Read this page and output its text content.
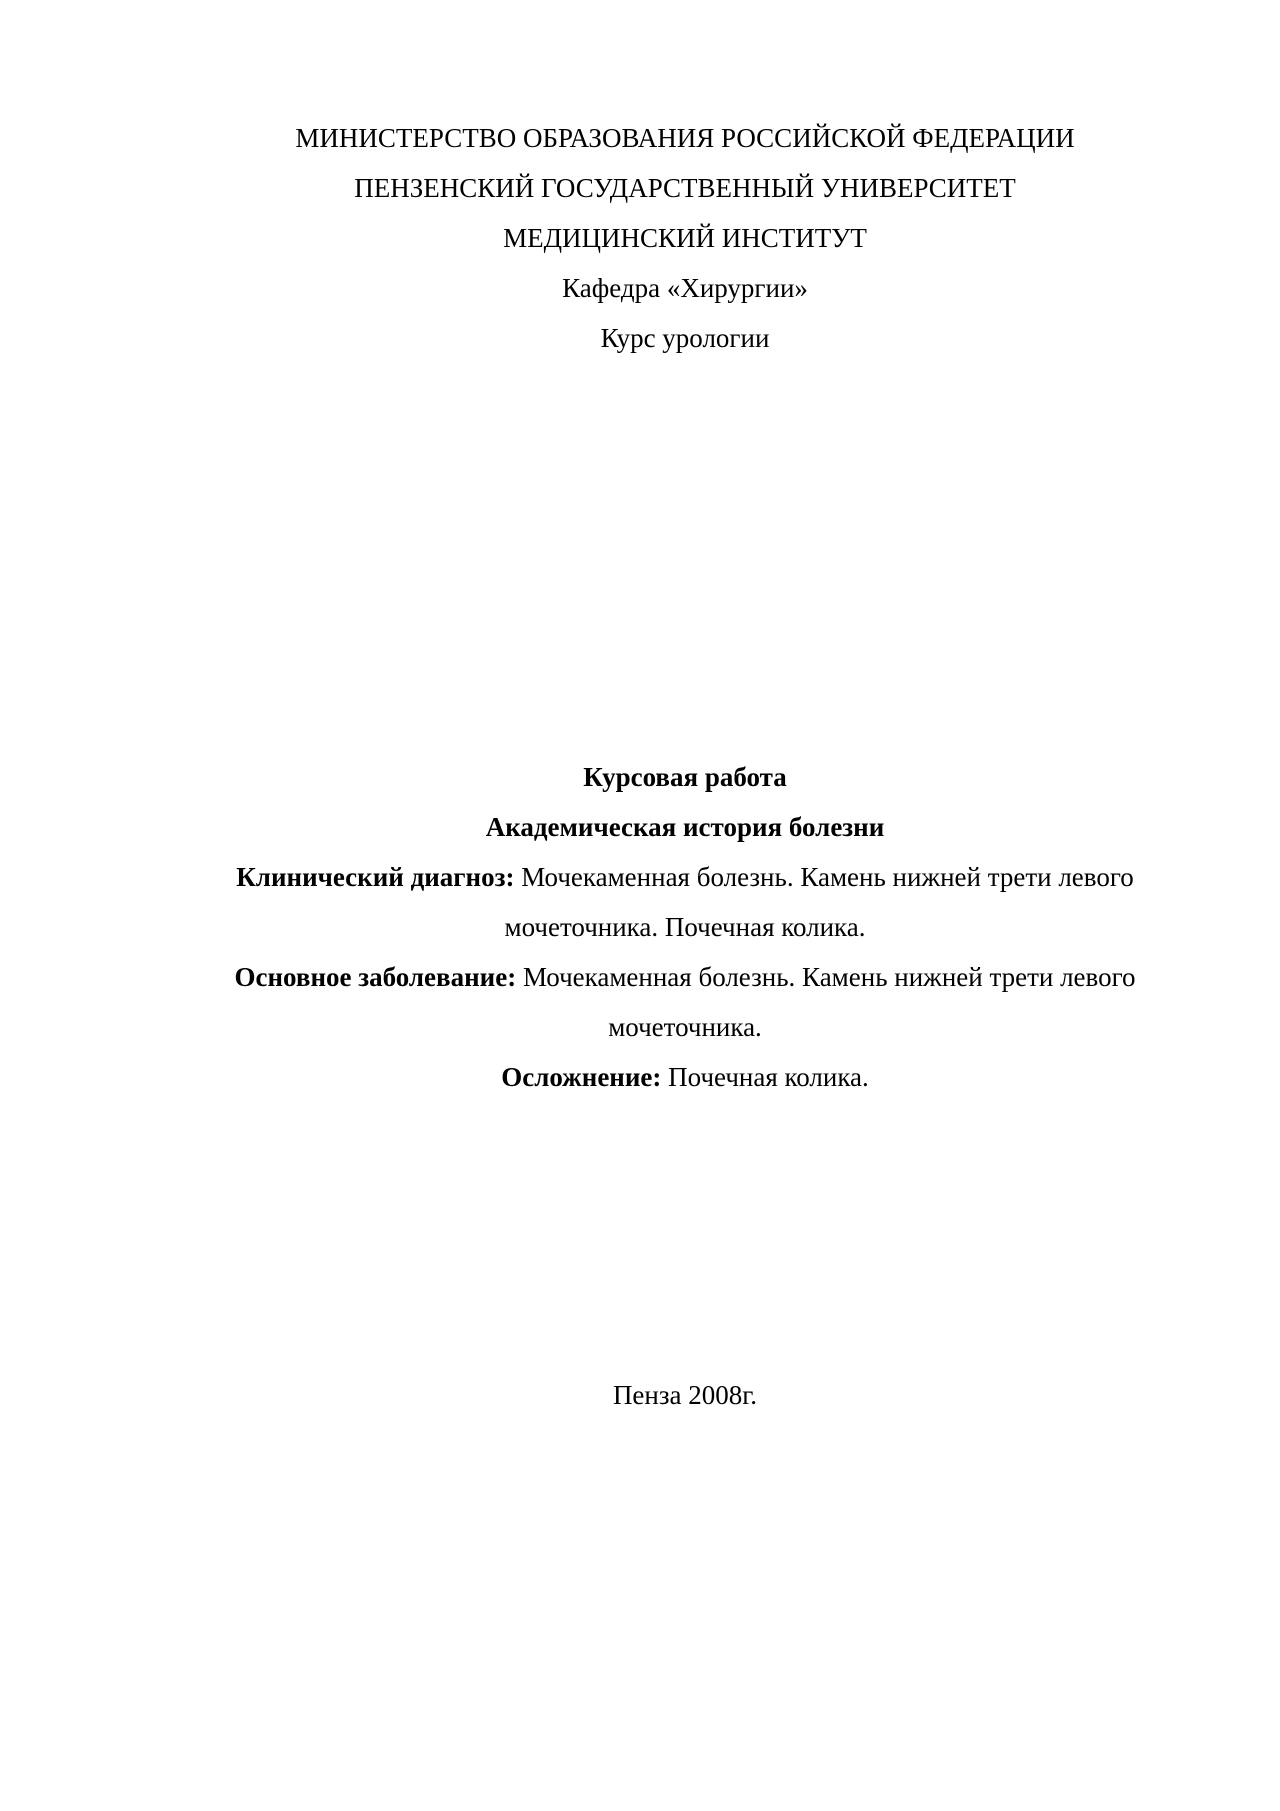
МИНИСТЕРСТВО ОБРАЗОВАНИЯ РОССИЙСКОЙ ФЕДЕРАЦИИ
ПЕНЗЕНСКИЙ ГОСУДАРСТВЕННЫЙ УНИВЕРСИТЕТ
МЕДИЦИНСКИЙ ИНСТИТУТ
Кафедра «Хирургии»
Курс урологии
Курсовая работа
Академическая история болезни
Клинический диагноз: Мочекаменная болезнь. Камень нижней трети левого мочеточника. Почечная колика.
Основное заболевание: Мочекаменная болезнь. Камень нижней трети левого мочеточника.
Осложнение: Почечная колика.
Пенза 2008г.
